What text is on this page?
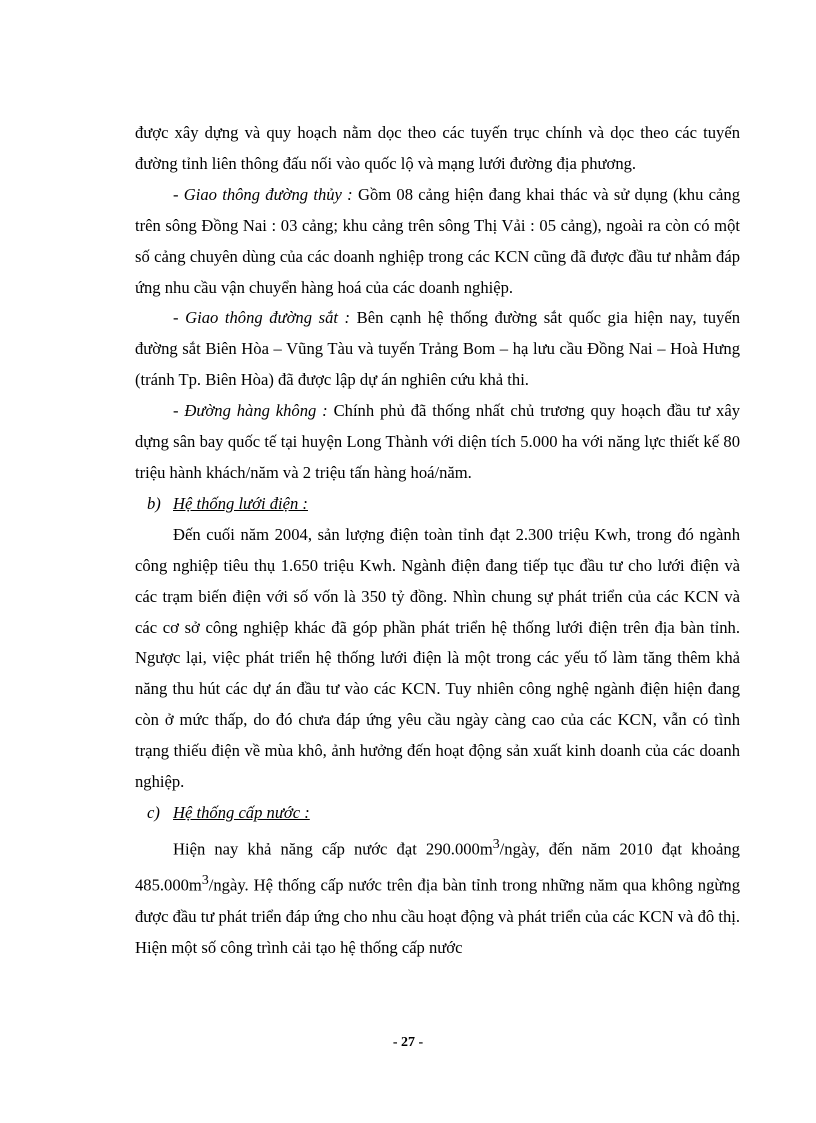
được xây dựng và quy hoạch nằm dọc theo các tuyến trục chính và dọc theo các tuyến đường tỉnh liên thông đấu nối vào quốc lộ và mạng lưới đường địa phương.

- Giao thông đường thủy : Gồm 08 cảng hiện đang khai thác và sử dụng (khu cảng trên sông Đồng Nai : 03 cảng; khu cảng trên sông Thị Vải : 05 cảng), ngoài ra còn có một số cảng chuyên dùng của các doanh nghiệp trong các KCN cũng đã được đầu tư nhằm đáp ứng nhu cầu vận chuyển hàng hoá của các doanh nghiệp.

- Giao thông đường sắt : Bên cạnh hệ thống đường sắt quốc gia hiện nay, tuyến đường sắt Biên Hòa – Vũng Tàu và tuyến Trảng Bom – hạ lưu cầu Đồng Nai – Hoà Hưng (tránh Tp. Biên Hòa) đã được lập dự án nghiên cứu khả thi.

- Đường hàng không : Chính phủ đã thống nhất chủ trương quy hoạch đầu tư xây dựng sân bay quốc tế tại huyện Long Thành với diện tích 5.000 ha với năng lực thiết kế 80 triệu hành khách/năm và 2 triệu tấn hàng hoá/năm.

b) Hệ thống lưới điện :

Đến cuối năm 2004, sản lượng điện toàn tỉnh đạt 2.300 triệu Kwh, trong đó ngành công nghiệp tiêu thụ 1.650 triệu Kwh. Ngành điện đang tiếp tục đầu tư cho lưới điện và các trạm biến điện với số vốn là 350 tỷ đồng. Nhìn chung sự phát triển của các KCN và các cơ sở công nghiệp khác đã góp phần phát triển hệ thống lưới điện trên địa bàn tỉnh. Ngược lại, việc phát triển hệ thống lưới điện là một trong các yếu tố làm tăng thêm khả năng thu hút các dự án đầu tư vào các KCN. Tuy nhiên công nghệ ngành điện hiện đang còn ở mức thấp, do đó chưa đáp ứng yêu cầu ngày càng cao của các KCN, vẫn có tình trạng thiếu điện về mùa khô, ảnh hưởng đến hoạt động sản xuất kinh doanh của các doanh nghiệp.

c) Hệ thống cấp nước :

Hiện nay khả năng cấp nước đạt $290.000m^3$/ngày, đến năm 2010 đạt khoảng $485.000m^3$/ngày. Hệ thống cấp nước trên địa bàn tỉnh trong những năm qua không ngừng được đầu tư phát triển đáp ứng cho nhu cầu hoạt động và phát triển của các KCN và đô thị. Hiện một số công trình cải tạo hệ thống cấp nước

- 27 -
